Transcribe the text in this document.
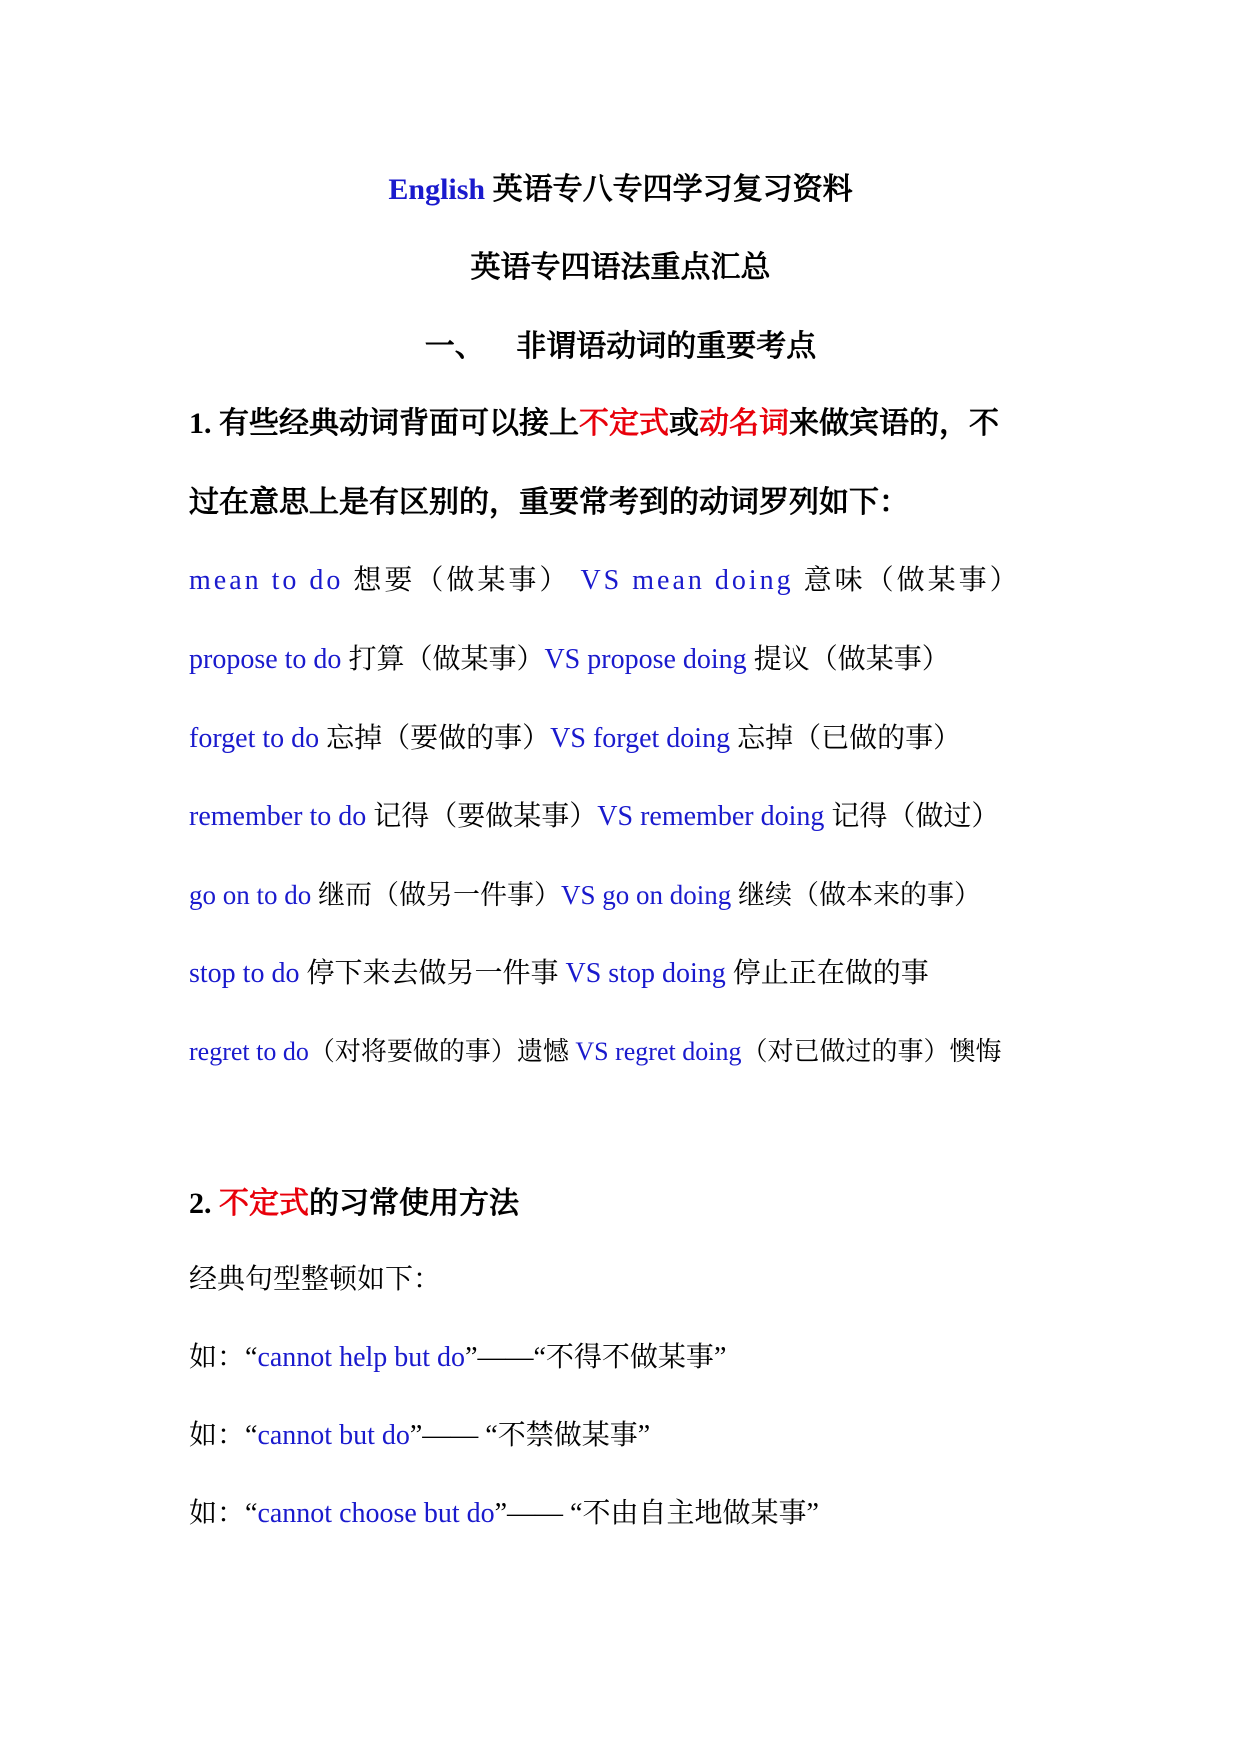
English 英语专八专四学习复习资料
英语专四语法重点汇总
一、 非谓语动词的重要考点
1. 有些经典动词背面可以接上不定式或动名词来做宾语的，不
过在意思上是有区别的，重要常考到的动词罗列如下：
mean to do 想要（做某事） VS mean doing 意味（做某事）
propose to do 打算（做某事）VS propose doing 提议（做某事）
forget to do 忘掉（要做的事）VS forget doing 忘掉（已做的事）
remember to do 记得（要做某事）VS remember doing 记得（做过）
go on to do 继而（做另一件事）VS go on doing 继续（做本来的事）
stop to do 停下来去做另一件事 VS stop doing 停止正在做的事
regret to do（对将要做的事）遗憾 VS regret doing（对已做过的事）懊悔
2. 不定式的习常使用方法
经典句型整顿如下：
如：“cannot help but do”——“不得不做某事”
如：“cannot but do”—— “不禁做某事”
如：“cannot choose but do”—— “不由自主地做某事”
